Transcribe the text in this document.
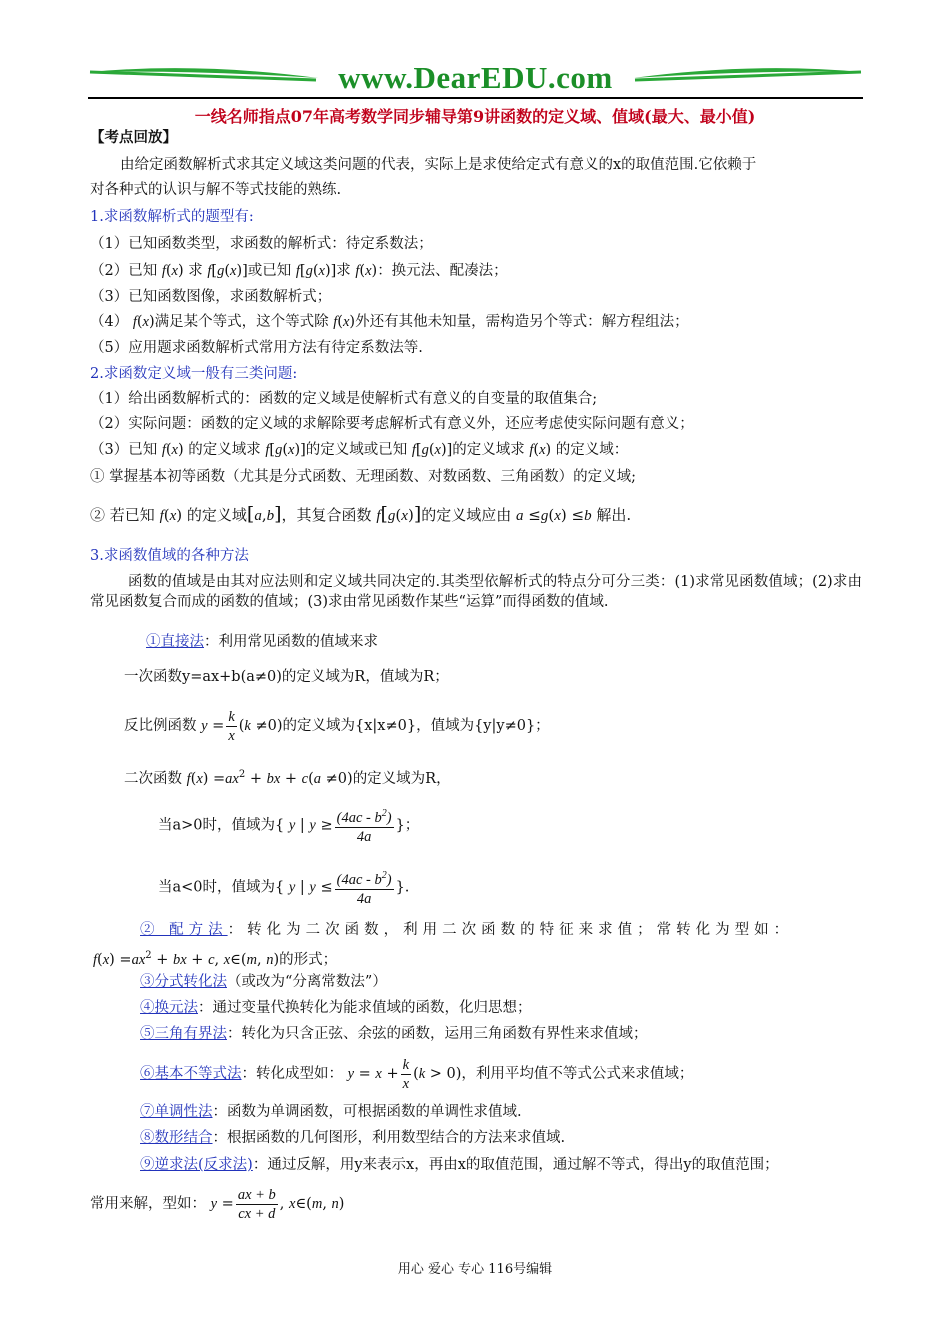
www.DearEDU.com
一线名师指点07年高考数学同步辅导第9讲函数的定义域、值域(最大、最小值)
【考点回放】
由给定函数解析式求其定义域这类问题的代表，实际上是求使给定式有意义的x的取值范围.它依赖于
对各种式的认识与解不等式技能的熟练.
1.求函数解析式的题型有:
（1）已知函数类型，求函数的解析式：待定系数法；
（2）已知 f(x) 求 f[g(x)]或已知 f[g(x)]求 f(x)：换元法、配凑法；
（3）已知函数图像，求函数解析式；
（4） f(x)满足某个等式，这个等式除 f(x)外还有其他未知量，需构造另个等式：解方程组法；
（5）应用题求函数解析式常用方法有待定系数法等.
2.求函数定义域一般有三类问题:
（1）给出函数解析式的：函数的定义域是使解析式有意义的自变量的取值集合;
（2）实际问题：函数的定义域的求解除要考虑解析式有意义外，还应考虑使实际问题有意义；
（3）已知 f(x) 的定义域求 f[g(x)]的定义域或已知 f[g(x)]的定义域求 f(x) 的定义域：
① 掌握基本初等函数（尤其是分式函数、无理函数、对数函数、三角函数）的定义域;
② 若已知 f(x) 的定义域[a,b]，其复合函数 f[g(x)]的定义域应由 a ≤g(x) ≤b 解出.
3.求函数值域的各种方法
函数的值域是由其对应法则和定义域共同决定的.其类型依解析式的特点分可分三类：(1)求常见函数值域；(2)求由常见函数复合而成的函数的值域；(3)求由常见函数作某些“运算”而得函数的值域.
①直接法：利用常见函数的值域来求
一次函数y=ax+b(a≠0)的定义域为R，值域为R；
反比例函数 $y = \frac{k}{x} (k \ne 0)$的定义域为{x|x≠0}，值域为{y|y≠0}；
二次函数 $f(x) =ax^2$ + bx + c(a ≠0)的定义域为R，
当a>0时，值域为{ y | $y \ge \frac{(4ac - b^2)}{4a}$ }；
当a<0时，值域为{ y | $y \le \frac{(4ac - b^2)}{4a}$ }.
② 配方法：转化为二次函数，利用二次函数的特征来求值；常转化为型如：
$f(x) =ax^2$ + bx + c, x∈(m, n)的形式；
③分式转化法（或改为“分离常数法”）
④换元法：通过变量代换转化为能求值域的函数，化归思想；
⑤三角有界法：转化为只含正弦、余弦的函数，运用三角函数有界性来求值域；
⑥基本不等式法：转化成型如： $y = x + \frac{k}{x} (k > 0)$，利用平均值不等式公式来求值域；
⑦单调性法：函数为单调函数，可根据函数的单调性求值域.
⑧数形结合：根据函数的几何图形，利用数型结合的方法来求值域.
⑨逆求法(反求法)：通过反解，用y来表示x，再由x的取值范围，通过解不等式，得出y的取值范围；
常用来解，型如： $y = \frac{ax + b}{cx + d}$ , x∈(m, n)
用心 爱心 专心 116号编辑
